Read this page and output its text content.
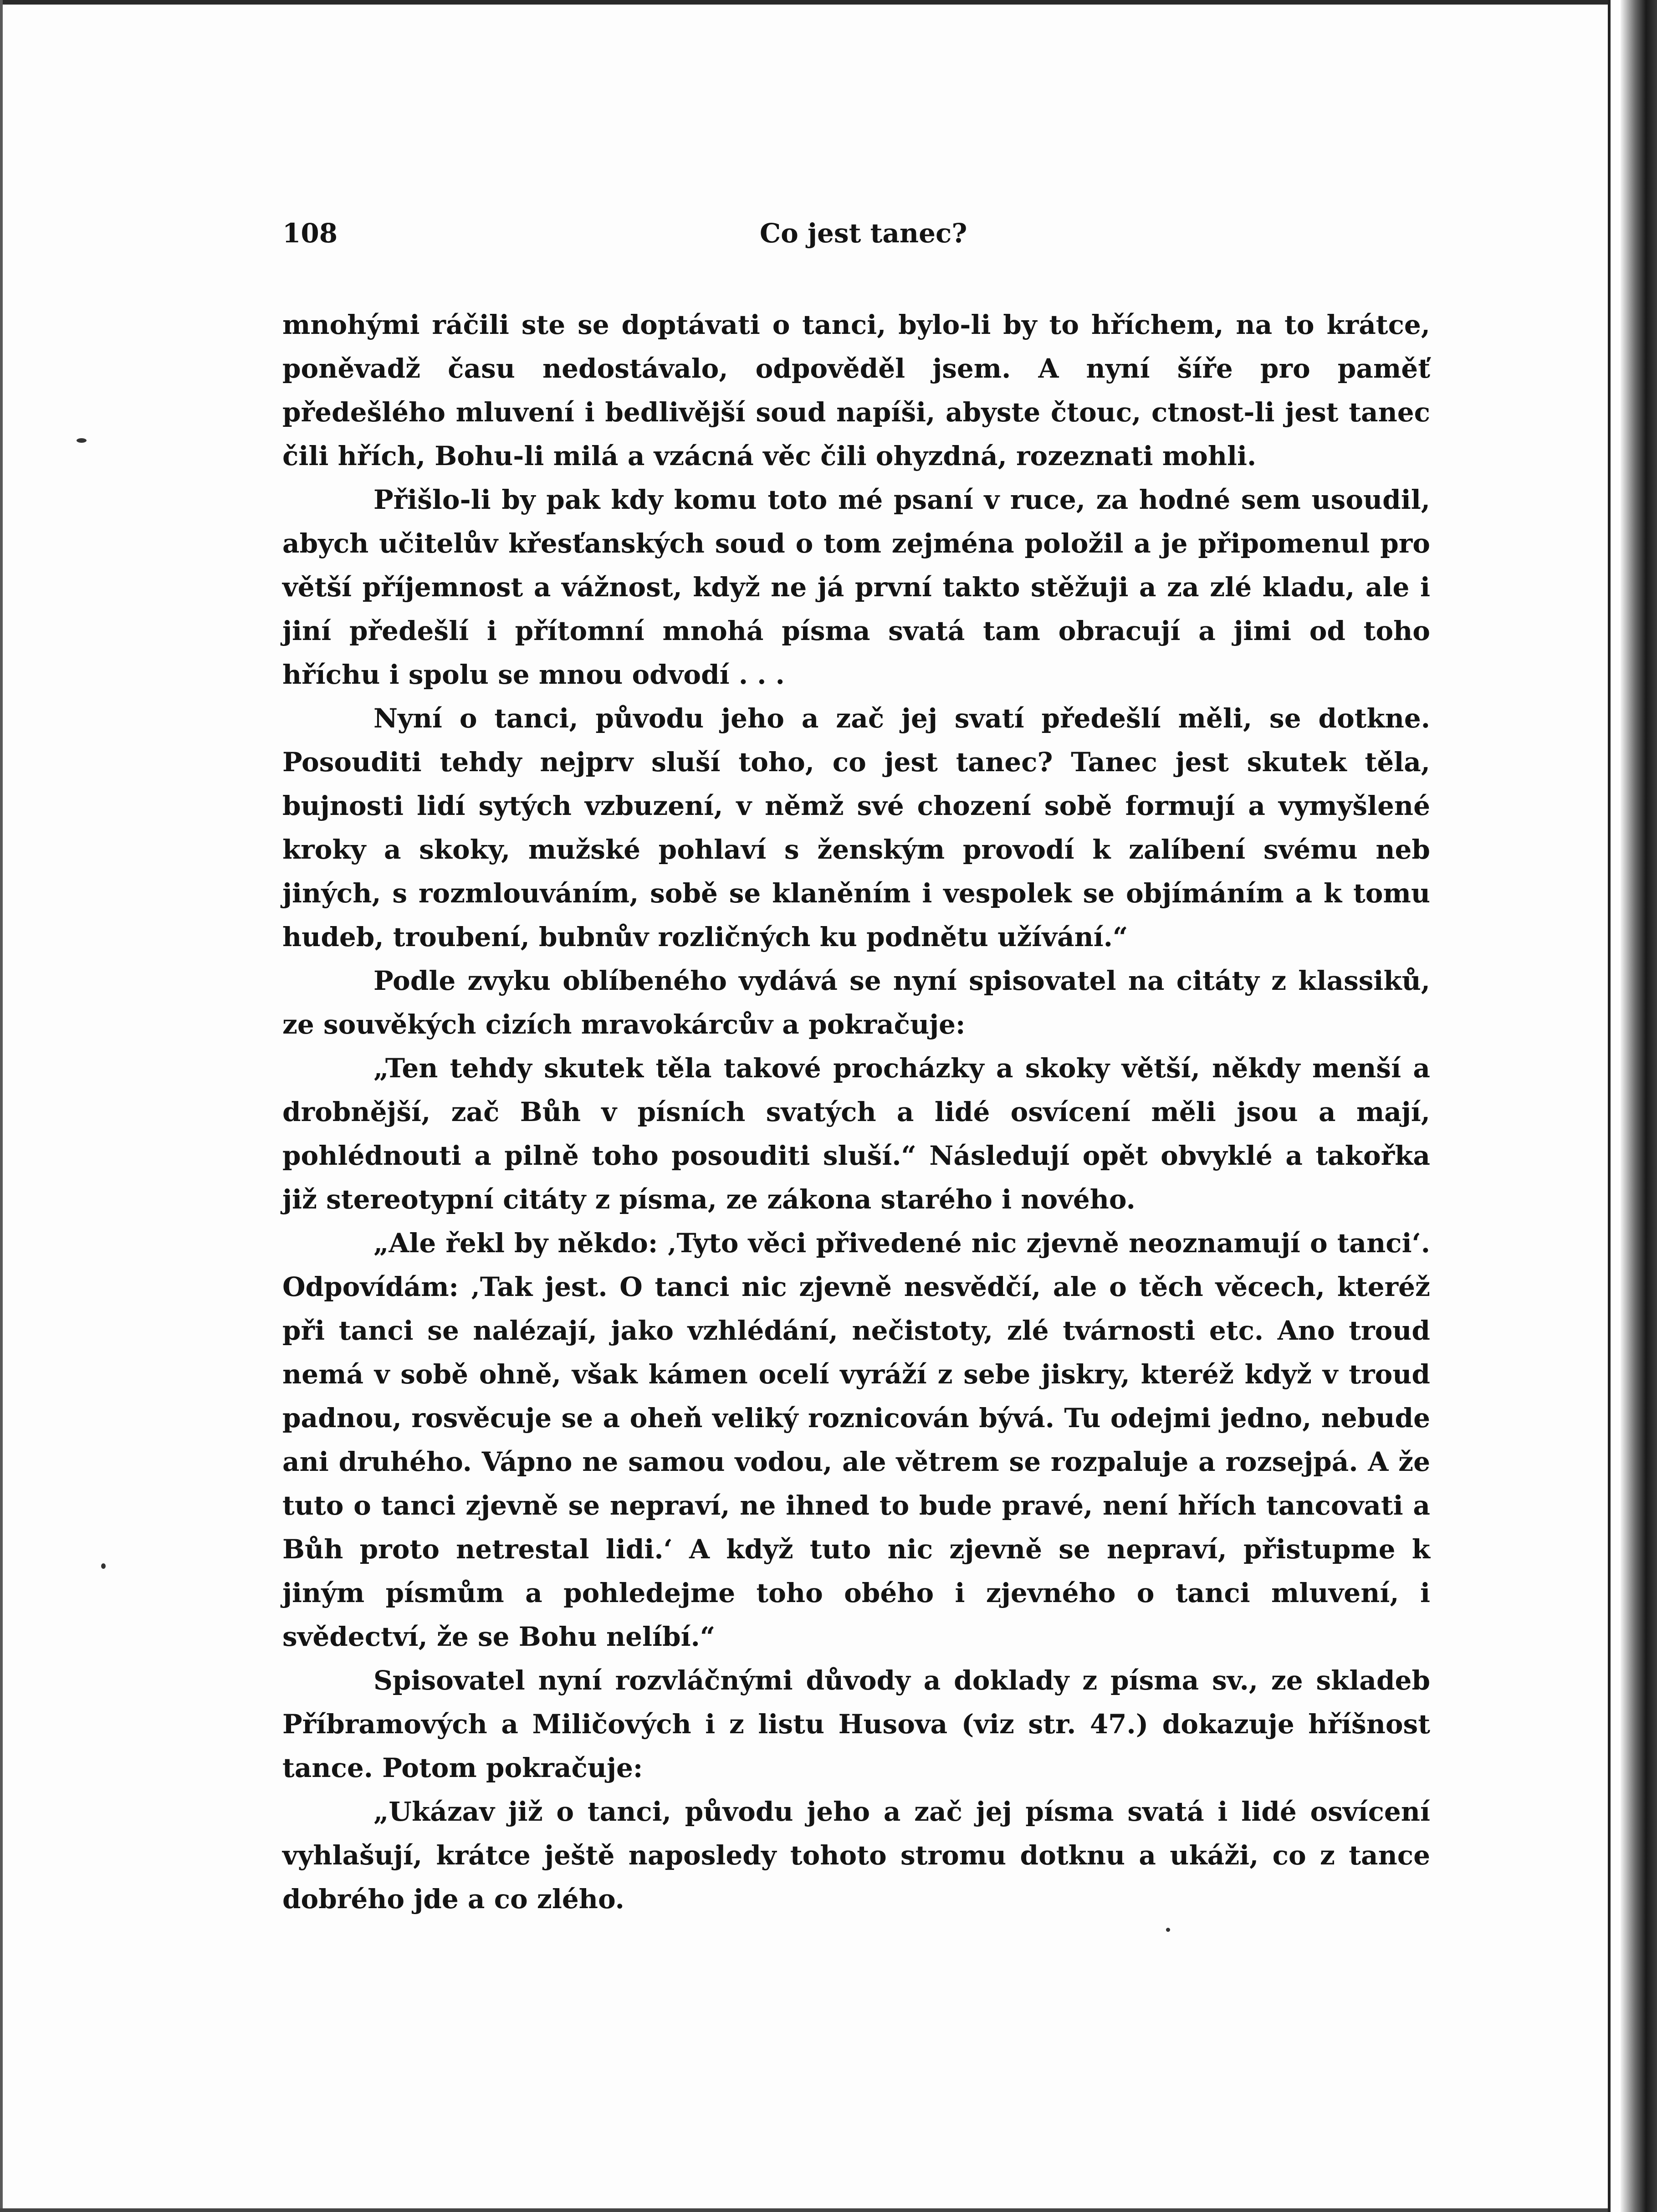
108	Co jest tanec?

mnohými ráčili ste se doptávati o tanci, bylo-li by to hříchem, na to krátce, poněvadž času nedostávalo, odpověděl jsem. A nyní šíře pro paměť předešlého mluvení i bedlivější soud napíši, abyste čtouc, ctnost-li jest tanec čili hřích, Bohu-li milá a vzácná věc čili ohyzdná, rozeznati mohli.

Přišlo-li by pak kdy komu toto mé psaní v ruce, za hodné sem usoudil, abych učitelův křesťanských soud o tom zejména položil a je připomenul pro větší příjemnost a vážnost, když ne já první takto stěžuji a za zlé kladu, ale i jiní předešlí i přítomní mnohá písma svatá tam obracují a jimi od toho hříchu i spolu se mnou odvodí . . .

Nyní o tanci, původu jeho a zač jej svatí předešlí měli, se dotkne. Posouditi tehdy nejprv sluší toho, co jest tanec? Tanec jest skutek těla, bujnosti lidí sytých vzbuzení, v němž své chození sobě formují a vymyšlené kroky a skoky, mužské pohlaví s ženským provodí k zalíbení svému neb jiných, s rozmlouváním, sobě se klaněním i vespolek se objímáním a k tomu hudeb, troubení, bubnův rozličných ku podnětu užívání.“

Podle zvyku oblíbeného vydává se nyní spisovatel na citáty z klassiků, ze souvěkých cizích mravokárcův a pokračuje:

„Ten tehdy skutek těla takové procházky a skoky větší, někdy menší a drobnější, zač Bůh v písních svatých a lidé osvícení měli jsou a mají, pohlédnouti a pilně toho posouditi sluší.“ Následují opět obvyklé a takořka již stereotypní citáty z písma, ze zákona starého i nového.

„Ale řekl by někdo: ‚Tyto věci přivedené nic zjevně neoznamují o tanci‘. Odpovídám: ‚Tak jest. O tanci nic zjevně nesvědčí, ale o těch věcech, kteréž při tanci se nalézají, jako vzhlédání, nečistoty, zlé tvárnosti etc. Ano troud nemá v sobě ohně, však kámen ocelí vyráží z sebe jiskry, kteréž když v troud padnou, rosvěcuje se a oheň veliký roznicován bývá. Tu odejmi jedno, nebude ani druhého. Vápno ne samou vodou, ale větrem se rozpaluje a rozsejpá. A že tuto o tanci zjevně se nepraví, ne ihned to bude pravé, není hřích tancovati a Bůh proto netrestal lidi.‘ A když tuto nic zjevně se nepraví, přistupme k jiným písmům a pohledejme toho obého i zjevného o tanci mluvení, i svědectví, že se Bohu nelíbí.“

Spisovatel nyní rozvláčnými důvody a doklady z písma sv., ze skladeb Příbramových a Miličových i z listu Husova (viz str. 47.) dokazuje hříšnost tance. Potom pokračuje:

„Ukázav již o tanci, původu jeho a zač jej písma svatá i lidé osvícení vyhlašují, krátce ještě naposledy tohoto stromu dotknu a ukáži, co z tance dobrého jde a co zlého.
